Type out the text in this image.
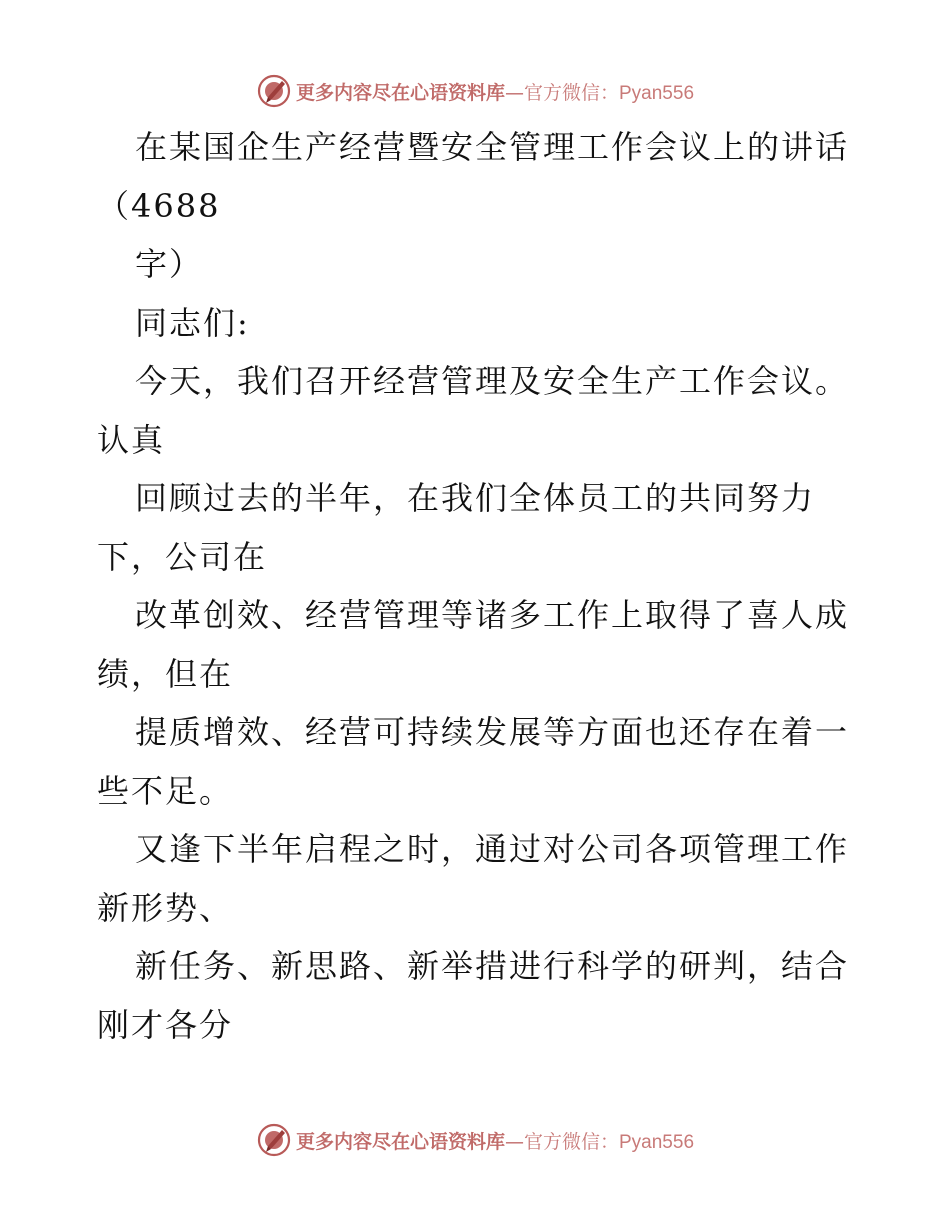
更多内容尽在心语资料库—官方微信：Pyan556
在某国企生产经营暨安全管理工作会议上的讲话
（4688
字）
同志们:
今天，我们召开经营管理及安全生产工作会议。
认真
回顾过去的半年，在我们全体员工的共同努力
下，公司在
改革创效、经营管理等诸多工作上取得了喜人成
绩，但在
提质增效、经营可持续发展等方面也还存在着一
些不足。
又逢下半年启程之时，通过对公司各项管理工作
新形势、
新任务、新思路、新举措进行科学的研判，结合
刚才各分
更多内容尽在心语资料库—官方微信：Pyan556
